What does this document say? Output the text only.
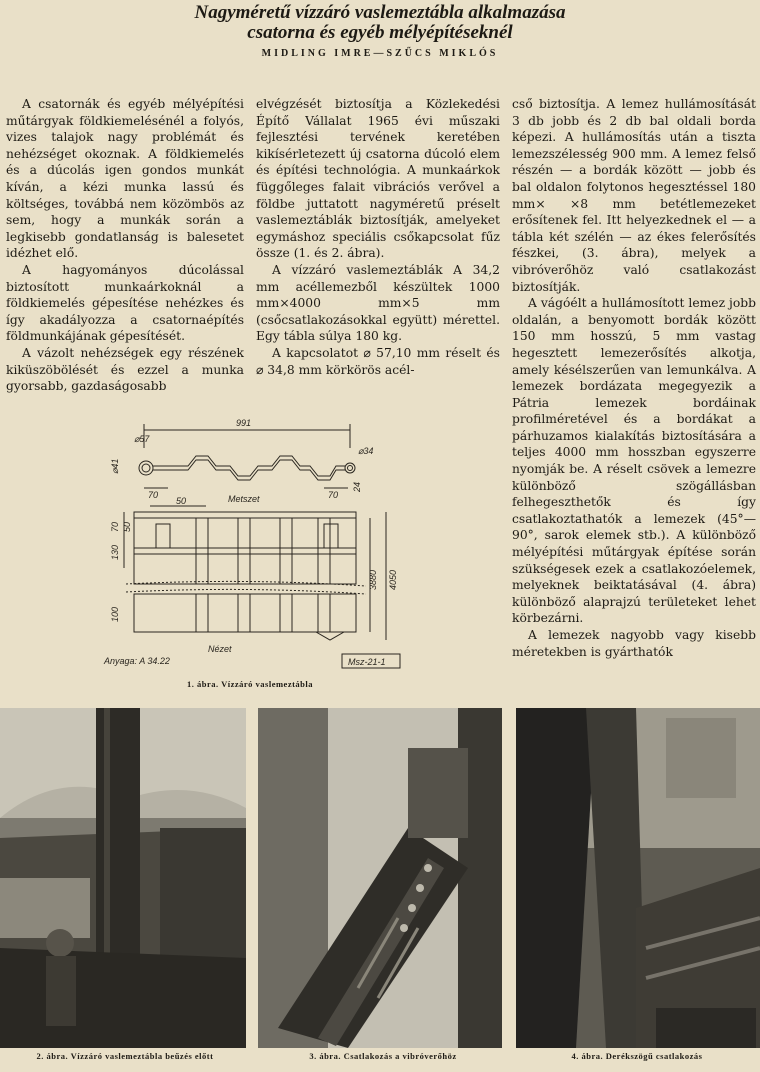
Nagyméretű vízzáró vaslemeztábla alkalmazása
csatorna és egyéb mélyépítéseknél
MIDLING IMRE—SZŰCS MIKLÓS

A csatornák és egyéb mélyépítési műtárgyak földkiemelésénél a folyós, vizes talajok nagy problémát és nehézséget okoznak. A földkiemelés és a dúcolás igen gondos munkát kíván, a kézi munka lassú és költséges, továbbá nem közömbös az sem, hogy a munkák során a legkisebb gondatlanság is balesetet idézhet elő.

A hagyományos dúcolással biztosított munkaárkoknál a földkiemelés gépesítése nehézkes és így akadályozza a csatornaépítés földmunkájának gépesítését.

A vázolt nehézségek egy részének kiküszöbölését és ezzel a munka gyorsabb, gazdaságosabb

elvégzését biztosítja a Közlekedési Építő Vállalat 1965 évi műszaki fejlesztési tervének keretében kikísérletezett új csatorna dúcoló elem és építési technológia. A munkaárkok függőleges falait vibrációs verővel a földbe juttatott nagyméretű préselt vaslemeztáblák biztosítják, amelyeket egymáshoz speciális csőkapcsolat fűz össze (1. és 2. ábra).

A vízzáró vaslemeztáblák A 34,2 mm acéllemezből készültek 1000 mm×4000 mm×5 mm (csőcsatlakozásokkal együtt) mérettel. Egy tábla súlya 180 kg.

A kapcsolatot ⌀ 57,10 mm réselt és ⌀ 34,8 mm körkörös acél-

cső biztosítja. A lemez hullámosítását 3 db jobb és 2 db bal oldali borda képezi. A hullámosítás után a tiszta lemezszélesség 900 mm. A lemez felső részén — a bordák között — jobb és bal oldalon folytonos hegesztéssel 180 mm× ×8 mm betétlemezeket erősítenek fel. Itt helyezkednek el — a tábla két szélén — az ékes felerősítés fészkei, (3. ábra), melyek a vibróverőhöz való csatlakozást biztosítják.

A vágóélt a hullámosított lemez jobb oldalán, a benyomott bordák között 150 mm hosszú, 5 mm vastag hegesztett lemezerősítés alkotja, amely késélszerűen van lemunkálva. A lemezek bordázata megegyezik a Pátria lemezek bordáinak profilméretével és a bordákat a párhuzamos kialakítás biztosítására a teljes 4000 mm hosszban egyszerre nyomják be. A réselt csövek a lemezre különböző szögállásban felhegeszthetők és így csatlakoztathatók a lemezek (45°—90°, sarok elemek stb.). A különböző mélyépítési műtárgyak építése során szükségesek ezek a csatlakozóelemek, melyeknek beiktatásával (4. ábra) különböző alaprajzú területeket lehet körbezárni.

A lemezek nagyobb vagy kisebb méretekben is gyárthatók

991
⌀57
⌀34
⌀41
70	70
24
Metszet
50
70 50
130
100
3880 4050
Nézet
Anyaga: A 34.22	Msz-21-1
1. ábra. Vízzáró vaslemeztábla
2. ábra. Vízzáró vaslemeztábla beűzés előtt	3. ábra. Csatlakozás a vibróverőhöz	4. ábra. Derékszögű csatlakozás
